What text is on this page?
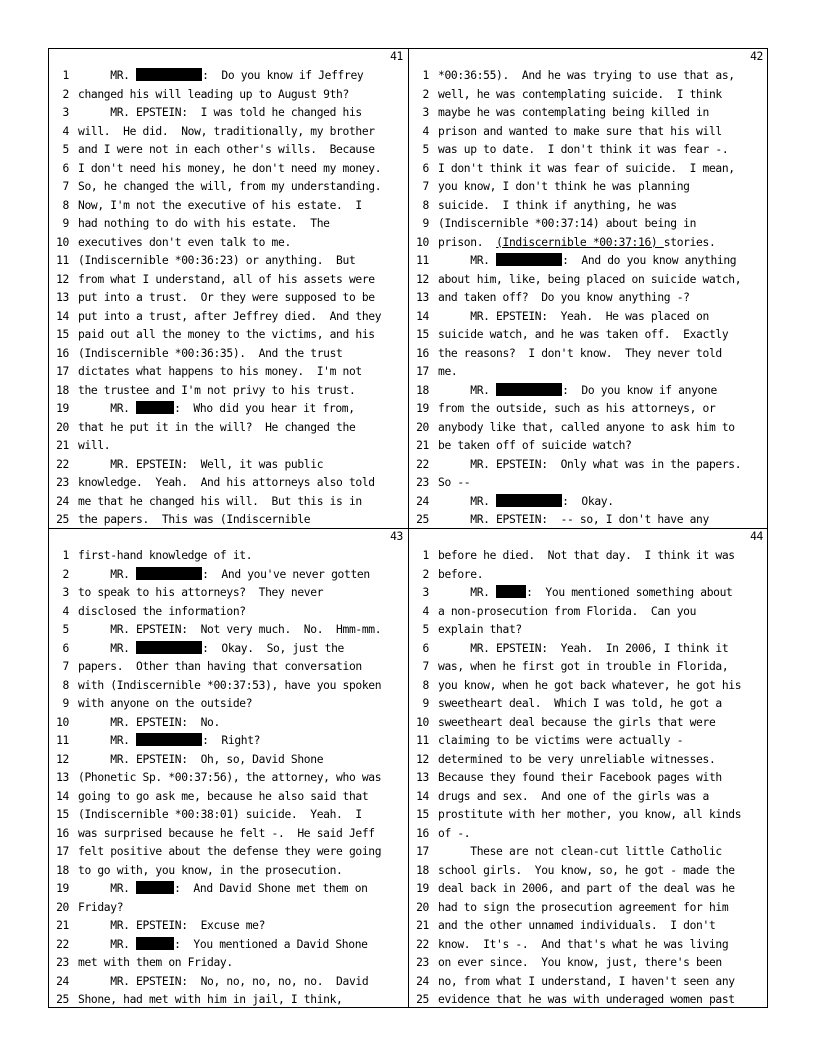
41
1 MR.	:  Do you know if Jeffrey
2 changed his will leading up to August 9th?
3 MR. EPSTEIN:  I was told he changed his
4 will.  He did.  Now, traditionally, my brother
5 and I were not in each other's wills.  Because
6 I don't need his money, he don't need my money.
7 So, he changed the will, from my understanding.
8 Now, I'm not the executive of his estate.  I
9 had nothing to do with his estate.  The
10 executives don't even talk to me.
11 (Indiscernible *00:36:23) or anything.  But
12 from what I understand, all of his assets were
13 put into a trust.  Or they were supposed to be
14 put into a trust, after Jeffrey died.  And they
15 paid out all the money to the victims, and his
16 (Indiscernible *00:36:35).  And the trust
17 dictates what happens to his money.  I'm not
18 the trustee and I'm not privy to his trust.
19 MR.	:  Who did you hear it from,
20 that he put it in the will?  He changed the
21 will.
22 MR. EPSTEIN:  Well, it was public
23 knowledge.  Yeah.  And his attorneys also told
24 me that he changed his will.  But this is in
25 the papers.  This was (Indiscernible
42
1 *00:36:55).  And he was trying to use that as,
2 well, he was contemplating suicide.  I think
3 maybe he was contemplating being killed in
4 prison and wanted to make sure that his will
5 was up to date.  I don't think it was fear -.
6 I don't think it was fear of suicide.  I mean,
7 you know, I don't think he was planning
8 suicide.  I think if anything, he was
9 (Indiscernible *00:37:14) about being in
10 prison.  (Indiscernible *00:37:16) stories.
11 MR.	:  And do you know anything
12 about him, like, being placed on suicide watch,
13 and taken off?  Do you know anything -?
14 MR. EPSTEIN:  Yeah.  He was placed on
15 suicide watch, and he was taken off.  Exactly
16 the reasons?  I don't know.  They never told
17 me.
18 MR.	:  Do you know if anyone
19 from the outside, such as his attorneys, or
20 anybody like that, called anyone to ask him to
21 be taken off of suicide watch?
22 MR. EPSTEIN:  Only what was in the papers.
23 So --
24 MR.	:  Okay.
25 MR. EPSTEIN:  -- so, I don't have any
43
1 first-hand knowledge of it.
2 MR.	:  And you've never gotten
3 to speak to his attorneys?  They never
4 disclosed the information?
5 MR. EPSTEIN:  Not very much.  No.  Hmm-mm.
6 MR.	:  Okay.  So, just the
7 papers.  Other than having that conversation
8 with (Indiscernible *00:37:53), have you spoken
9 with anyone on the outside?
10 MR. EPSTEIN:  No.
11 MR.	:  Right?
12 MR. EPSTEIN:  Oh, so, David Shone
13 (Phonetic Sp. *00:37:56), the attorney, who was
14 going to go ask me, because he also said that
15 (Indiscernible *00:38:01) suicide.  Yeah.  I
16 was surprised because he felt -.  He said Jeff
17 felt positive about the defense they were going
18 to go with, you know, in the prosecution.
19 MR.	:  And David Shone met them on
20 Friday?
21 MR. EPSTEIN:  Excuse me?
22 MR.	:  You mentioned a David Shone
23 met with them on Friday.
24 MR. EPSTEIN:  No, no, no, no, no.  David
25 Shone, had met with him in jail, I think,
44
1 before he died.  Not that day.  I think it was
2 before.
3 MR.	:  You mentioned something about
4 a non-prosecution from Florida.  Can you
5 explain that?
6 MR. EPSTEIN:  Yeah.  In 2006, I think it
7 was, when he first got in trouble in Florida,
8 you know, when he got back whatever, he got his
9 sweetheart deal.  Which I was told, he got a
10 sweetheart deal because the girls that were
11 claiming to be victims were actually -
12 determined to be very unreliable witnesses.
13 Because they found their Facebook pages with
14 drugs and sex.  And one of the girls was a
15 prostitute with her mother, you know, all kinds
16 of -.
17 These are not clean-cut little Catholic
18 school girls.  You know, so, he got - made the
19 deal back in 2006, and part of the deal was he
20 had to sign the prosecution agreement for him
21 and the other unnamed individuals.  I don't
22 know.  It's -.  And that's what he was living
23 on ever since.  You know, just, there's been
24 no, from what I understand, I haven't seen any
25 evidence that he was with underaged women past
